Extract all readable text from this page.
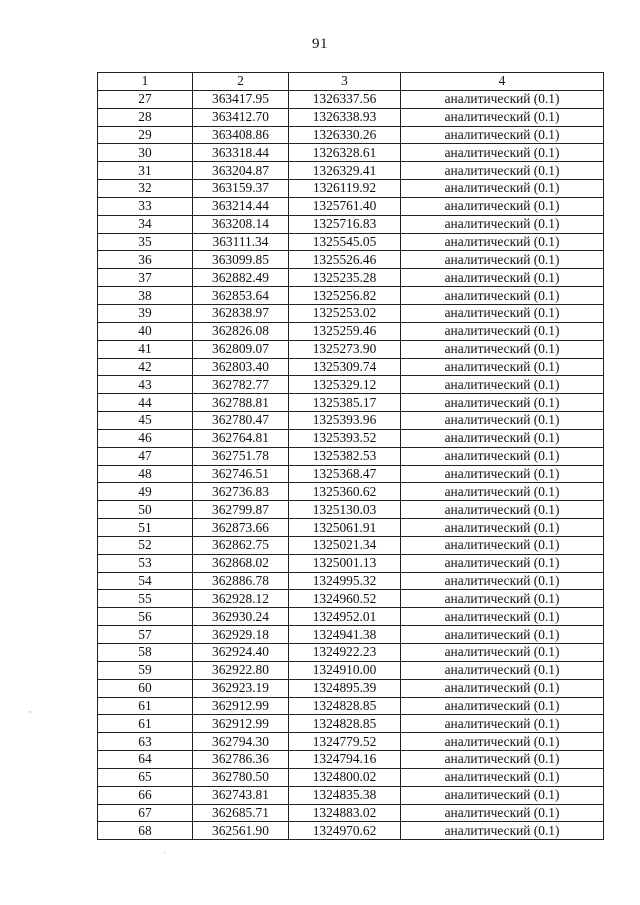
91
1	2	3	4
27	363417.95	1326337.56	аналитический (0.1)
28	363412.70	1326338.93	аналитический (0.1)
29	363408.86	1326330.26	аналитический (0.1)
30	363318.44	1326328.61	аналитический (0.1)
31	363204.87	1326329.41	аналитический (0.1)
32	363159.37	1326119.92	аналитический (0.1)
33	363214.44	1325761.40	аналитический (0.1)
34	363208.14	1325716.83	аналитический (0.1)
35	363111.34	1325545.05	аналитический (0.1)
36	363099.85	1325526.46	аналитический (0.1)
37	362882.49	1325235.28	аналитический (0.1)
38	362853.64	1325256.82	аналитический (0.1)
39	362838.97	1325253.02	аналитический (0.1)
40	362826.08	1325259.46	аналитический (0.1)
41	362809.07	1325273.90	аналитический (0.1)
42	362803.40	1325309.74	аналитический (0.1)
43	362782.77	1325329.12	аналитический (0.1)
44	362788.81	1325385.17	аналитический (0.1)
45	362780.47	1325393.96	аналитический (0.1)
46	362764.81	1325393.52	аналитический (0.1)
47	362751.78	1325382.53	аналитический (0.1)
48	362746.51	1325368.47	аналитический (0.1)
49	362736.83	1325360.62	аналитический (0.1)
50	362799.87	1325130.03	аналитический (0.1)
51	362873.66	1325061.91	аналитический (0.1)
52	362862.75	1325021.34	аналитический (0.1)
53	362868.02	1325001.13	аналитический (0.1)
54	362886.78	1324995.32	аналитический (0.1)
55	362928.12	1324960.52	аналитический (0.1)
56	362930.24	1324952.01	аналитический (0.1)
57	362929.18	1324941.38	аналитический (0.1)
58	362924.40	1324922.23	аналитический (0.1)
59	362922.80	1324910.00	аналитический (0.1)
60	362923.19	1324895.39	аналитический (0.1)
61	362912.99	1324828.85	аналитический (0.1)
61	362912.99	1324828.85	аналитический (0.1)
63	362794.30	1324779.52	аналитический (0.1)
64	362786.36	1324794.16	аналитический (0.1)
65	362780.50	1324800.02	аналитический (0.1)
66	362743.81	1324835.38	аналитический (0.1)
67	362685.71	1324883.02	аналитический (0.1)
68	362561.90	1324970.62	аналитический (0.1)
